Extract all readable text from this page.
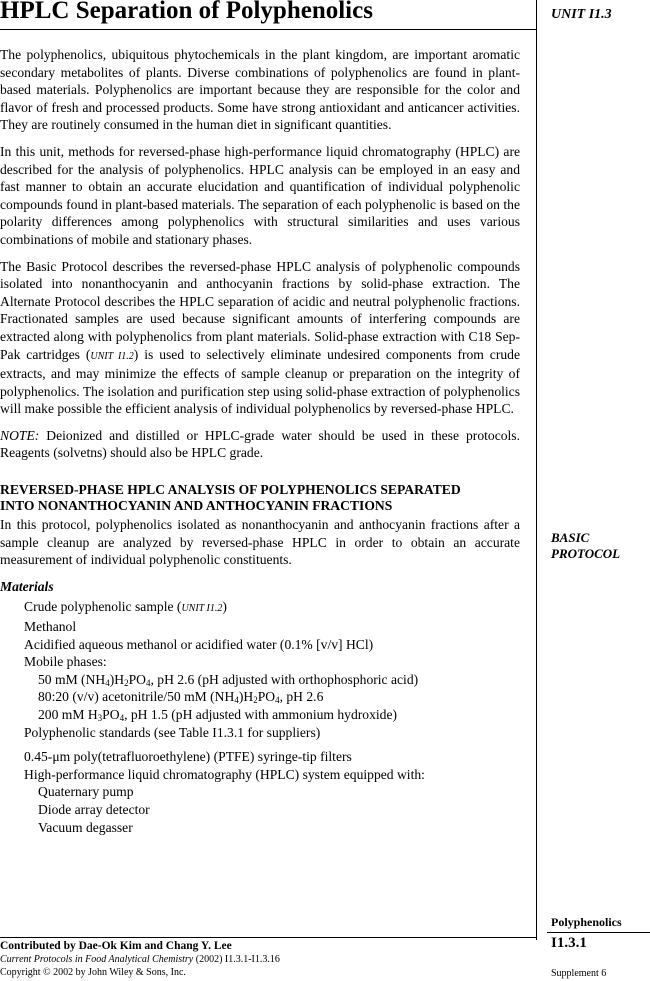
HPLC Separation of Polyphenolics	UNIT I1.3

The polyphenolics, ubiquitous phytochemicals in the plant kingdom, are important aromatic secondary metabolites of plants. Diverse combinations of polyphenolics are found in plant-based materials. Polyphenolics are important because they are responsible for the color and flavor of fresh and processed products. Some have strong antioxidant and anticancer activities. They are routinely consumed in the human diet in significant quantities.

In this unit, methods for reversed-phase high-performance liquid chromatography (HPLC) are described for the analysis of polyphenolics. HPLC analysis can be employed in an easy and fast manner to obtain an accurate elucidation and quantification of individual polyphenolic compounds found in plant-based materials. The separation of each polyphenolic is based on the polarity differences among polyphenolics with structural similarities and uses various combinations of mobile and stationary phases.

The Basic Protocol describes the reversed-phase HPLC analysis of polyphenolic compounds isolated into nonanthocyanin and anthocyanin fractions by solid-phase extraction. The Alternate Protocol describes the HPLC separation of acidic and neutral polyphenolic fractions. Fractionated samples are used because significant amounts of interfering compounds are extracted along with polyphenolics from plant materials. Solid-phase extraction with C18 Sep-Pak cartridges (UNIT I1.2) is used to selectively eliminate undesired components from crude extracts, and may minimize the effects of sample cleanup or preparation on the integrity of polyphenolics. The isolation and purification step using solid-phase extraction of polyphenolics will make possible the efficient analysis of individual polyphenolics by reversed-phase HPLC.

NOTE: Deionized and distilled or HPLC-grade water should be used in these protocols. Reagents (solvetns) should also be HPLC grade.

REVERSED-PHASE HPLC ANALYSIS OF POLYPHENOLICS SEPARATED
INTO NONANTHOCYANIN AND ANTHOCYANIN FRACTIONS

In this protocol, polyphenolics isolated as nonanthocyanin and anthocyanin fractions after a sample cleanup are analyzed by reversed-phase HPLC in order to obtain an accurate measurement of individual polyphenolic constituents.

Materials
Crude polyphenolic sample (UNIT I1.2)
Methanol
Acidified aqueous methanol or acidified water (0.1% [v/v] HCl)
Mobile phases:
50 mM $(NH_4)H_2PO_4$, pH 2.6 (pH adjusted with orthophosphoric acid)
80:20 (v/v) acetonitrile/50 mM $(NH_4)H_2PO_4$, pH 2.6
200 mM $H_3PO_4$, pH 1.5 (pH adjusted with ammonium hydroxide)
Polyphenolic standards (see Table I1.3.1 for suppliers)
0.45-μm poly(tetrafluoroethylene) (PTFE) syringe-tip filters
High-performance liquid chromatography (HPLC) system equipped with:
Quaternary pump
Diode array detector
Vacuum degasser
BASIC
PROTOCOL
Contributed by Dae-Ok Kim and Chang Y. Lee
Current Protocols in Food Analytical Chemistry (2002) I1.3.1-I1.3.16
Copyright © 2002 by John Wiley & Sons, Inc.
Polyphenolics
I1.3.1
Supplement 6
